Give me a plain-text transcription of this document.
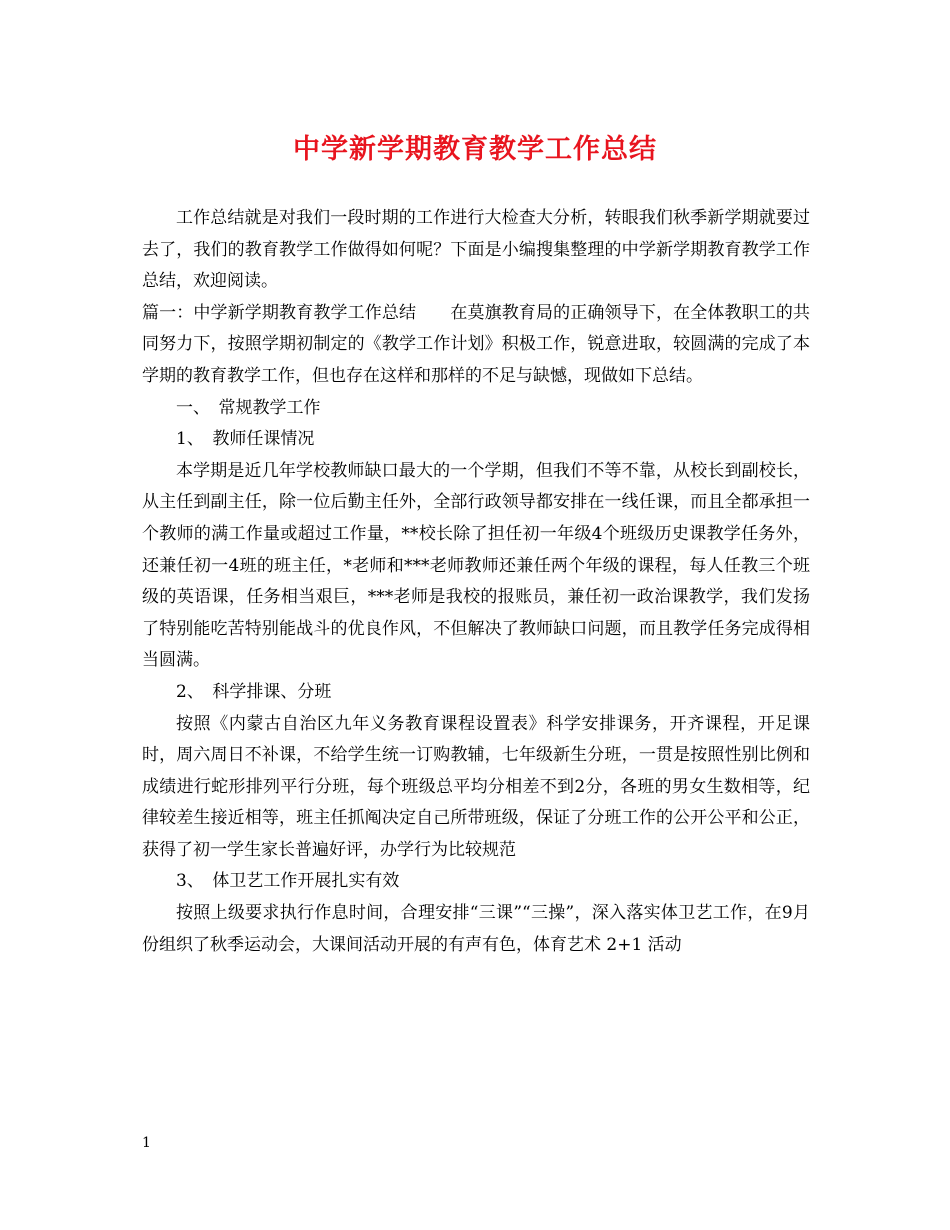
中学新学期教育教学工作总结

工作总结就是对我们一段时期的工作进行大检查大分析，转眼我们秋季新学期就要过去了，我们的教育教学工作做得如何呢？下面是小编搜集整理的中学新学期教育教学工作总结，欢迎阅读。

篇一：中学新学期教育教学工作总结　　在莫旗教育局的正确领导下，在全体教职工的共同努力下，按照学期初制定的《教学工作计划》积极工作，锐意进取，较圆满的完成了本学期的教育教学工作，但也存在这样和那样的不足与缺憾，现做如下总结。

一、　常规教学工作

1、　教师任课情况

本学期是近几年学校教师缺口最大的一个学期，但我们不等不靠，从校长到副校长，从主任到副主任，除一位后勤主任外，全部行政领导都安排在一线任课，而且全都承担一个教师的满工作量或超过工作量，**校长除了担任初一年级4个班级历史课教学任务外，还兼任初一4班的班主任，*老师和***老师教师还兼任两个年级的课程，每人任教三个班级的英语课，任务相当艰巨，***老师是我校的报账员，兼任初一政治课教学，我们发扬了特别能吃苦特别能战斗的优良作风，不但解决了教师缺口问题，而且教学任务完成得相当圆满。

2、　科学排课、分班

按照《内蒙古自治区九年义务教育课程设置表》科学安排课务，开齐课程，开足课时，周六周日不补课，不给学生统一订购教辅，七年级新生分班，一贯是按照性别比例和成绩进行蛇形排列平行分班，每个班级总平均分相差不到2分，各班的男女生数相等，纪律较差生接近相等，班主任抓阄决定自己所带班级，保证了分班工作的公开公平和公正，获得了初一学生家长普遍好评，办学行为比较规范

3、　体卫艺工作开展扎实有效

按照上级要求执行作息时间，合理安排“三课”“三操”，深入落实体卫艺工作，在9月份组织了秋季运动会，大课间活动开展的有声有色，体育艺术 2+1 活动

1
